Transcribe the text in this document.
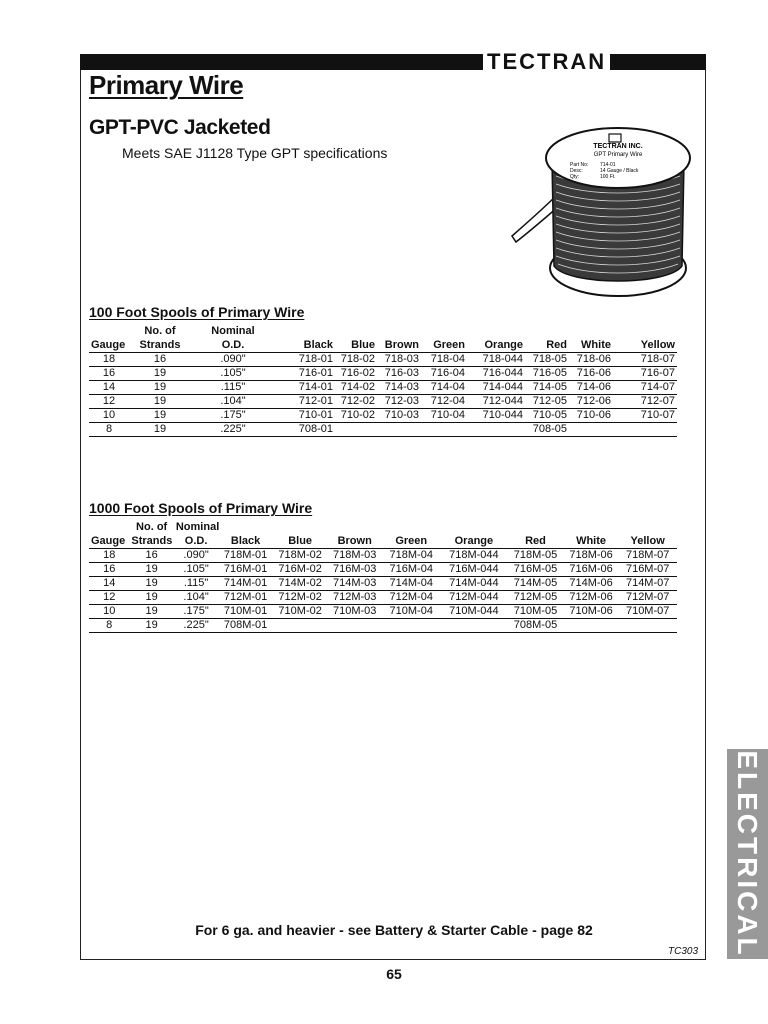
TECTRAN
Primary Wire
GPT-PVC Jacketed
Meets SAE J1128 Type GPT specifications	TECTRAN INC.
GPT Primary Wire
Part No: 714-01
Desc:	14 Gauge / Black
Qty:	100 Ft.
100 Foot Spools of Primary Wire
	No. of	Nominal								
Gauge	Strands	O.D.	Black	Blue	Brown	Green	Orange	Red	White	Yellow
18	16	.090"	718-01	718-02	718-03	718-04	718-044	718-05	718-06	718-07
16	19	.105"	716-01	716-02	716-03	716-04	716-044	716-05	716-06	716-07
14	19	.115"	714-01	714-02	714-03	714-04	714-044	714-05	714-06	714-07
12	19	.104"	712-01	712-02	712-03	712-04	712-044	712-05	712-06	712-07
10	19	.175"	710-01	710-02	710-03	710-04	710-044	710-05	710-06	710-07
8	19	.225"	708-01					708-05		
1000 Foot Spools of Primary Wire
	No. of	Nominal								
Gauge	Strands	O.D.	Black	Blue	Brown	Green	Orange	Red	White	Yellow
18	16	.090"	718M-01	718M-02	718M-03	718M-04	718M-044	718M-05	718M-06	718M-07
16	19	.105"	716M-01	716M-02	716M-03	716M-04	716M-044	716M-05	716M-06	716M-07
14	19	.115"	714M-01	714M-02	714M-03	714M-04	714M-044	714M-05	714M-06	714M-07
12	19	.104"	712M-01	712M-02	712M-03	712M-04	712M-044	712M-05	712M-06	712M-07
10	19	.175"	710M-01	710M-02	710M-03	710M-04	710M-044	710M-05	710M-06	710M-07
8	19	.225"	708M-01					708M-05		
For 6 ga. and heavier - see Battery & Starter Cable - page 82
TC303
65
ELECTRICAL
